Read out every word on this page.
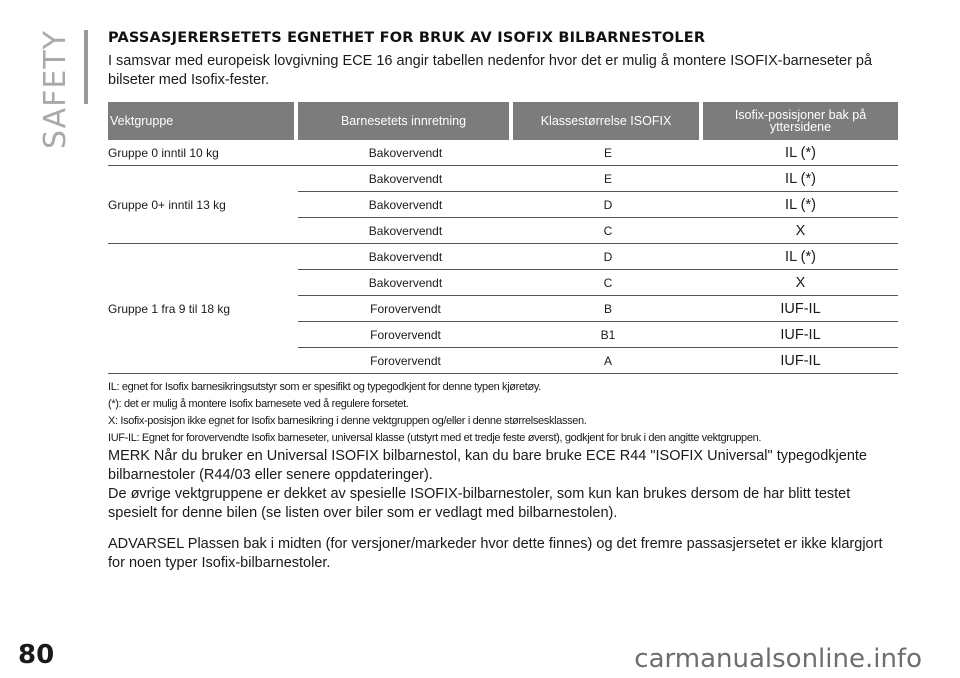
SAFETY PASSASJERERSETETS EGNETHET FOR BRUK AV ISOFIX BILBARNESTOLER

I samsvar med europeisk lovgivning ECE 16 angir tabellen nedenfor hvor det er mulig å montere ISOFIX-barneseter på bilseter med Isofix-fester.

Vektgruppe	Barnesetets innretning	Klassestørrelse ISOFIX	Isofix-posisjoner bak på yttersidene
Gruppe 0 inntil 10 kg	Bakovervendt	E	IL (*)
Gruppe 0+ inntil 13 kg	Bakovervendt	E	IL (*)
	Bakovervendt	D	IL (*)
	Bakovervendt	C	X
Gruppe 1 fra 9 til 18 kg	Bakovervendt	D	IL (*)
	Bakovervendt	C	X
	Forovervendt	B	IUF-IL
	Forovervendt	B1	IUF-IL
	Forovervendt	A	IUF-IL
IL: egnet for Isofix barnesikringsutstyr som er spesifikt og typegodkjent for denne typen kjøretøy.
(*): det er mulig å montere Isofix barnesete ved å regulere forsetet.
X: Isofix-posisjon ikke egnet for Isofix barnesikring i denne vektgruppen og/eller i denne størrelsesklassen.
IUF-IL: Egnet for forovervendte Isofix barneseter, universal klasse (utstyrt med et tredje feste øverst), godkjent for bruk i den angitte vektgruppen.

MERK Når du bruker en Universal ISOFIX bilbarnestol, kan du bare bruke ECE R44 "ISOFIX Universal" typegodkjente bilbarnestoler (R44/03 eller senere oppdateringer).

De øvrige vektgruppene er dekket av spesielle ISOFIX-bilbarnestoler, som kun kan brukes dersom de har blitt testet spesielt for denne bilen (se listen over biler som er vedlagt med bilbarnestolen).

ADVARSEL Plassen bak i midten (for versjoner/markeder hvor dette finnes) og det fremre passasjersetet er ikke klargjort for noen typer Isofix-bilbarnestoler.

80	carmanualsonline.info
